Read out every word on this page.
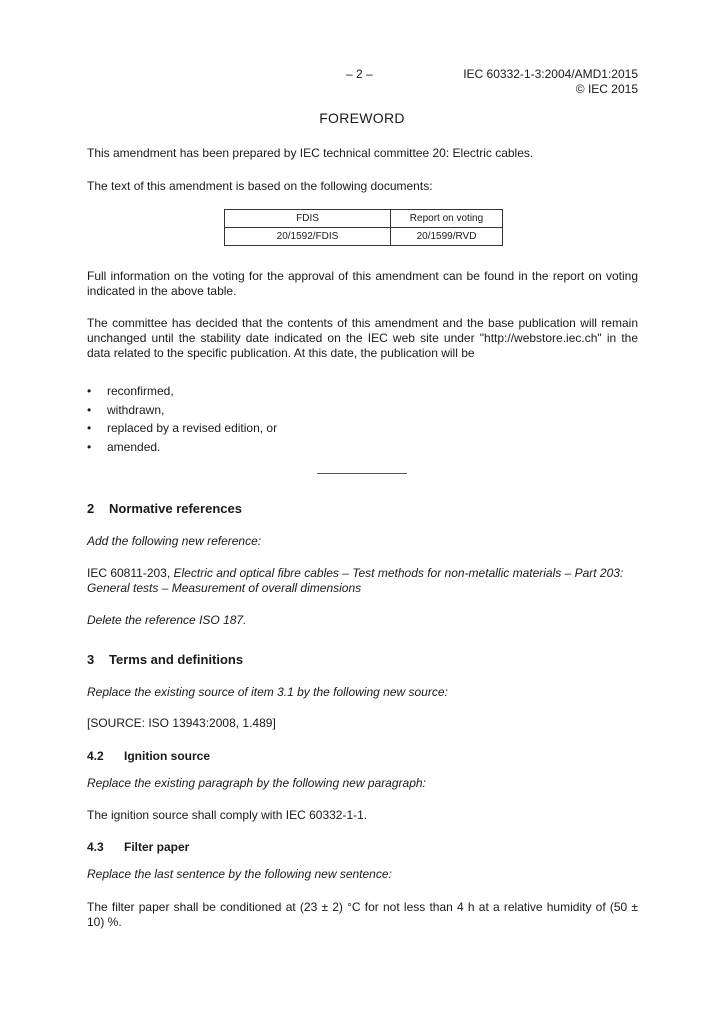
– 2 –	IEC 60332-1-3:2004/AMD1:2015
© IEC 2015
FOREWORD

This amendment has been prepared by IEC technical committee 20: Electric cables.

The text of this amendment is based on the following documents:

FDIS	Report on voting
20/1592/FDIS	20/1599/RVD

Full information on the voting for the approval of this amendment can be found in the report on voting indicated in the above table.

The committee has decided that the contents of this amendment and the base publication will remain unchanged until the stability date indicated on the IEC web site under "http://webstore.iec.ch" in the data related to the specific publication. At this date, the publication will be

• reconfirmed,
• withdrawn,
• replaced by a revised edition, or
• amended.
2 Normative references

Add the following new reference:

IEC 60811-203, Electric and optical fibre cables – Test methods for non-metallic materials – Part 203: General tests – Measurement of overall dimensions

Delete the reference ISO 187.

3 Terms and definitions

Replace the existing source of item 3.1 by the following new source:

[SOURCE: ISO 13943:2008, 1.489]

4.2 Ignition source

Replace the existing paragraph by the following new paragraph:

The ignition source shall comply with IEC 60332-1-1.

4.3 Filter paper

Replace the last sentence by the following new sentence:

The filter paper shall be conditioned at (23 ± 2) °C for not less than 4 h at a relative humidity of (50 ± 10) %.
